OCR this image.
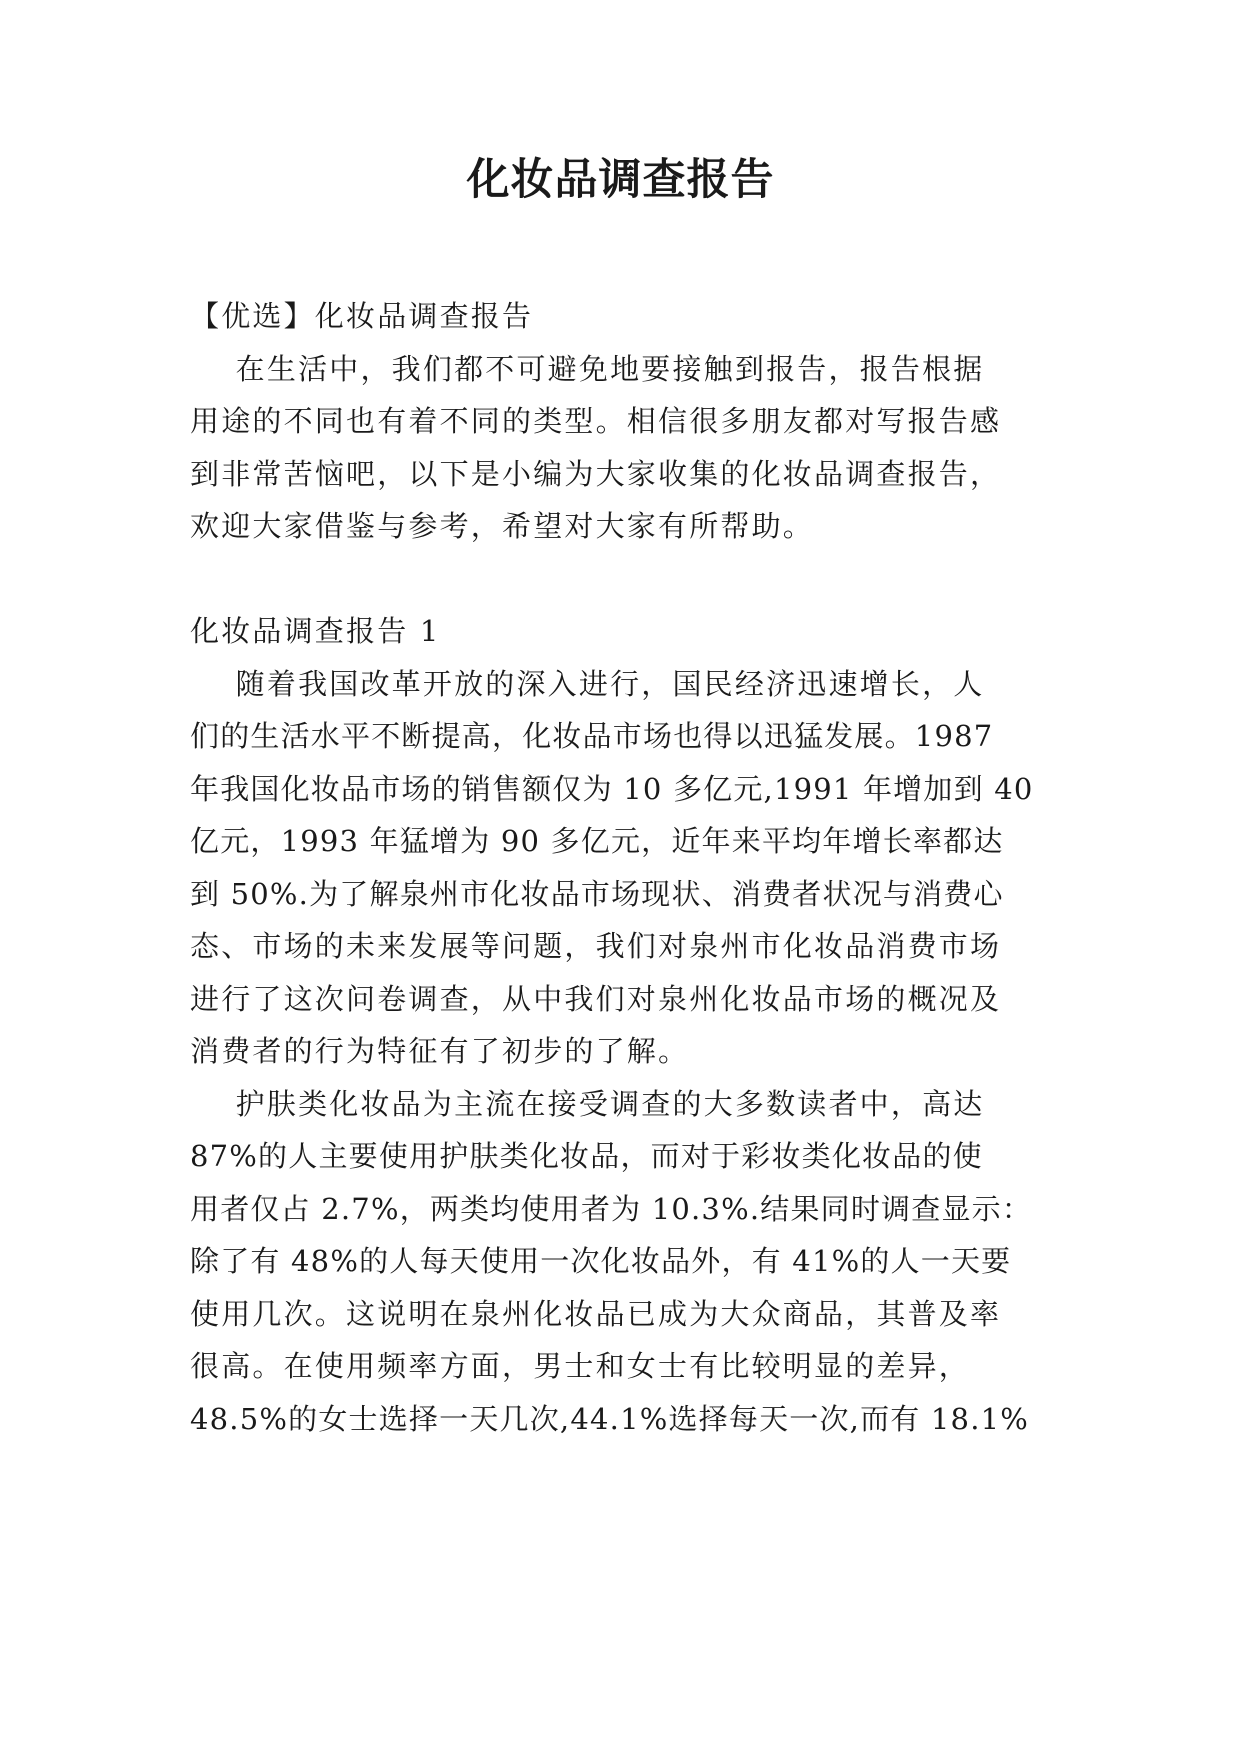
化妆品调查报告
【优选】化妆品调查报告
在生活中，我们都不可避免地要接触到报告，报告根据
用途的不同也有着不同的类型。相信很多朋友都对写报告感
到非常苦恼吧，以下是小编为大家收集的化妆品调查报告，
欢迎大家借鉴与参考，希望对大家有所帮助。
化妆品调查报告 1
随着我国改革开放的深入进行，国民经济迅速增长，人
们的生活水平不断提高，化妆品市场也得以迅猛发展。1987
年我国化妆品市场的销售额仅为 10 多亿元,1991 年增加到 40
亿元，1993 年猛增为 90 多亿元，近年来平均年增长率都达
到 50%.为了解泉州市化妆品市场现状、消费者状况与消费心
态、市场的未来发展等问题，我们对泉州市化妆品消费市场
进行了这次问卷调查，从中我们对泉州化妆品市场的概况及
消费者的行为特征有了初步的了解。
护肤类化妆品为主流在接受调查的大多数读者中，高达
87%的人主要使用护肤类化妆品，而对于彩妆类化妆品的使
用者仅占 2.7%，两类均使用者为 10.3%.结果同时调查显示：
除了有 48%的人每天使用一次化妆品外，有 41%的人一天要
使用几次。这说明在泉州化妆品已成为大众商品，其普及率
很高。在使用频率方面，男士和女士有比较明显的差异，
48.5%的女士选择一天几次,44.1%选择每天一次,而有 18.1%
